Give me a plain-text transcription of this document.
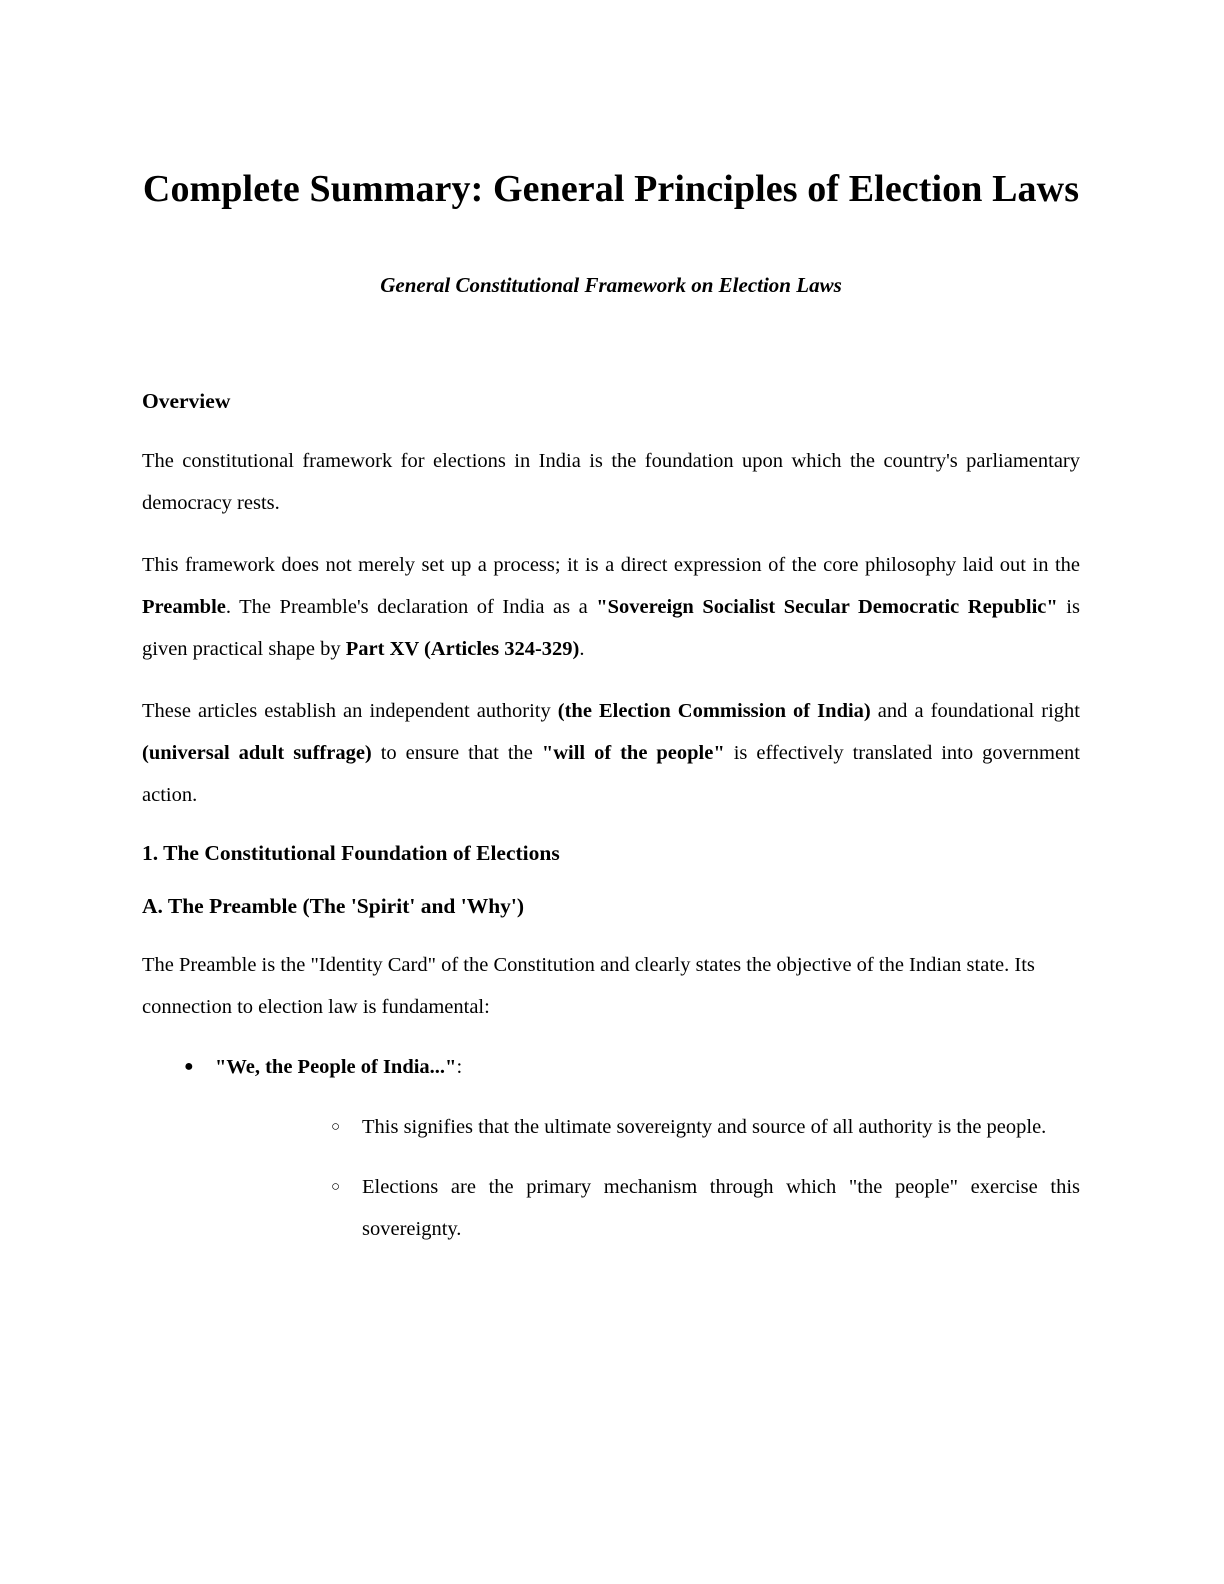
Complete Summary: General Principles of Election Laws
General Constitutional Framework on Election Laws
Overview

The constitutional framework for elections in India is the foundation upon which the country's parliamentary democracy rests.

This framework does not merely set up a process; it is a direct expression of the core philosophy laid out in the Preamble. The Preamble's declaration of India as a "Sovereign Socialist Secular Democratic Republic" is given practical shape by Part XV (Articles 324-329).

These articles establish an independent authority (the Election Commission of India) and a foundational right (universal adult suffrage) to ensure that the "will of the people" is effectively translated into government action.

1. The Constitutional Foundation of Elections
A. The Preamble (The 'Spirit' and 'Why')

The Preamble is the "Identity Card" of the Constitution and clearly states the objective of the Indian state. Its connection to election law is fundamental:

● "We, the People of India...":
○ This signifies that the ultimate sovereignty and source of all authority is the people.
○ Elections are the primary mechanism through which "the people" exercise this sovereignty.
